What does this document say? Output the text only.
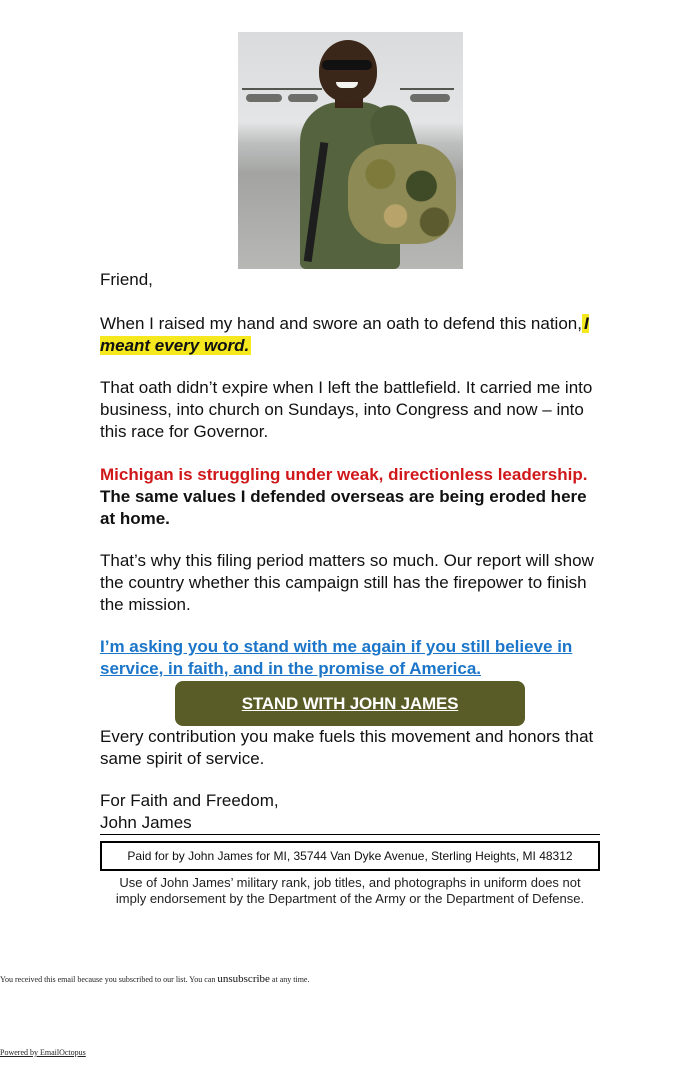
Friend,

When I raised my hand and swore an oath to defend this nation, I meant every word.

That oath didn’t expire when I left the battlefield. It carried me into business, into church on Sundays, into Congress and now – into this race for Governor.

Michigan is struggling under weak, directionless leadership. The same values I defended overseas are being eroded here at home.

That’s why this filing period matters so much. Our report will show the country whether this campaign still has the firepower to finish the mission.

I’m asking you to stand with me again if you still believe in service, in faith, and in the promise of America.

STAND WITH JOHN JAMES

Every contribution you make fuels this movement and honors that same spirit of service.

For Faith and Freedom,

John James

Paid for by John James for MI, 35744 Van Dyke Avenue, Sterling Heights, MI 48312
Use of John James’ military rank, job titles, and photographs in uniform does not imply endorsement by the Department of the Army or the Department of Defense.
You received this email because you subscribed to our list. You can unsubscribe at any time.
Powered by EmailOctopus
